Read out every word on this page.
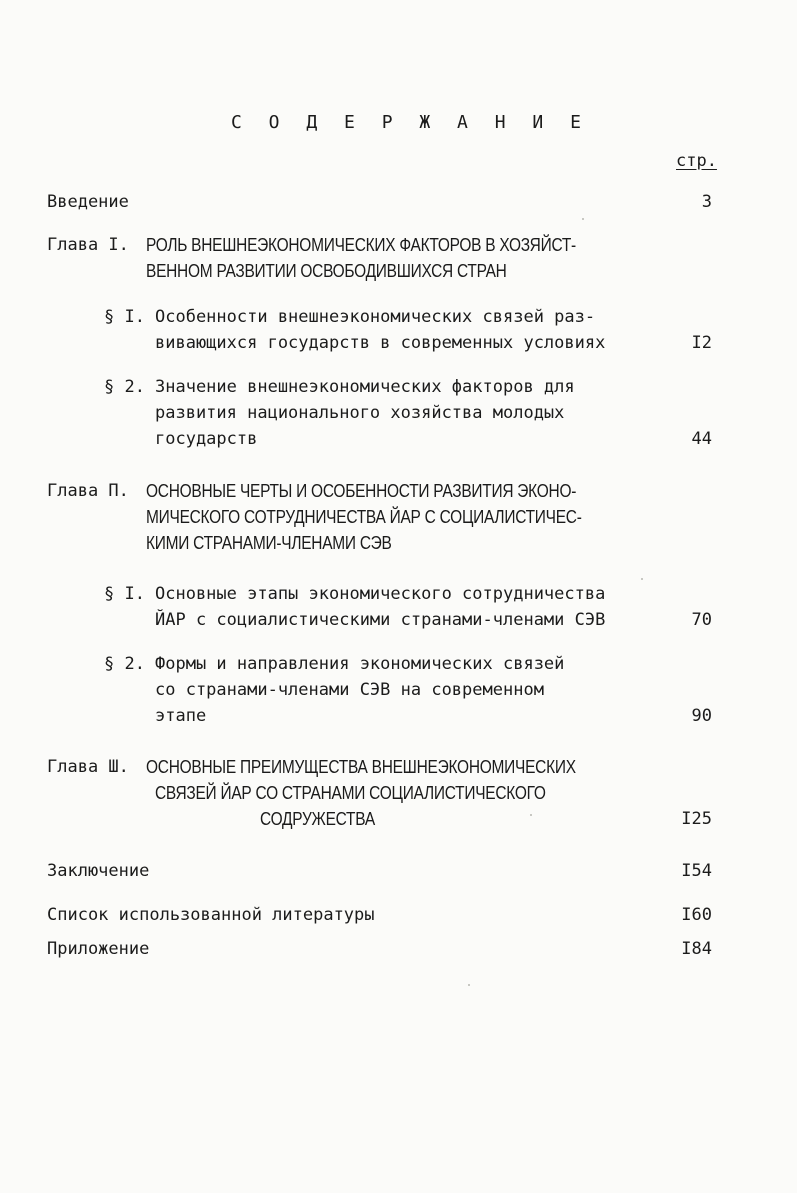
С О Д Е Р Ж А Н И Е
стр.
Введение	3
Глава I. РОЛЬ ВНЕШНЕЭКОНОМИЧЕСКИХ ФАКТОРОВ В ХОЗЯЙСТ-
ВЕННОМ РАЗВИТИИ ОСВОБОДИВШИХСЯ СТРАН
§ I. Особенности внешнеэкономических связей раз-
вивающихся государств в современных условиях	I2
§ 2. Значение внешнеэкономических факторов для
развития национального хозяйства молодых
государств	44
Глава П. ОСНОВНЫЕ ЧЕРТЫ И ОСОБЕННОСТИ РАЗВИТИЯ ЭКОНО-
МИЧЕСКОГО СОТРУДНИЧЕСТВА ЙАР С СОЦИАЛИСТИЧЕС-
КИМИ СТРАНАМИ-ЧЛЕНАМИ СЭВ
§ I. Основные этапы экономического сотрудничества
ЙАР с социалистическими странами-членами СЭВ	70
§ 2. Формы и направления экономических связей
со странами-членами СЭВ на современном
этапе	90
Глава Ш. ОСНОВНЫЕ ПРЕИМУЩЕСТВА ВНЕШНЕЭКОНОМИЧЕСКИХ
СВЯЗЕЙ ЙАР СО СТРАНАМИ СОЦИАЛИСТИЧЕСКОГО
СОДРУЖЕСТВА	I25
Заключение	I54
Список использованной литературы	I60
Приложение	I84
